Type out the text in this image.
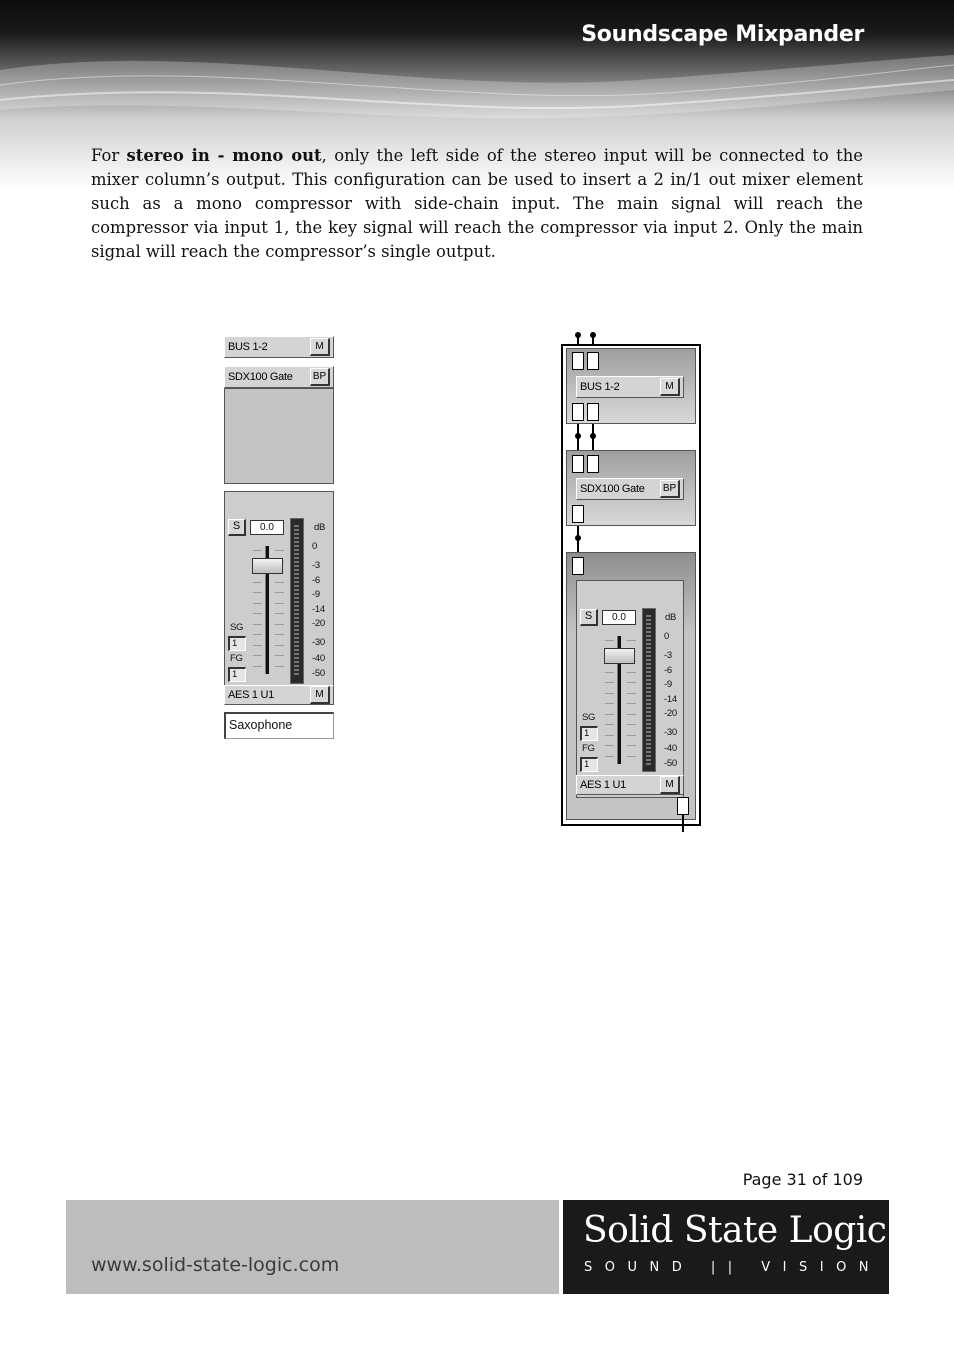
Soundscape Mixpander

For stereo in - mono out, only the left side of the stereo input will be connected to the mixer column’s output. This configuration can be used to insert a 2 in/1 out mixer element such as a mono compressor with side-chain input. The main signal will reach the compressor via input 1, the key signal will reach the compressor via input 2. Only the main signal will reach the compressor’s single output.

BUS 1-2	M
SDX100 Gate	BP
S	0.0	dB
0
-3
-6
-9
-14
-20
-30
-40
-50
SG
1
FG
1
AES 1 U1	M
Saxophone
BUS 1-2	M
SDX100 Gate	BP
S	0.0	dB
0
-3
-6
-9
-14
-20
-30
-40
-50
SG
1
FG
1
AES 1 U1	M
Page 31 of 109
www.solid-state-logic.com
Solid State Logic
SOUND || VISION
